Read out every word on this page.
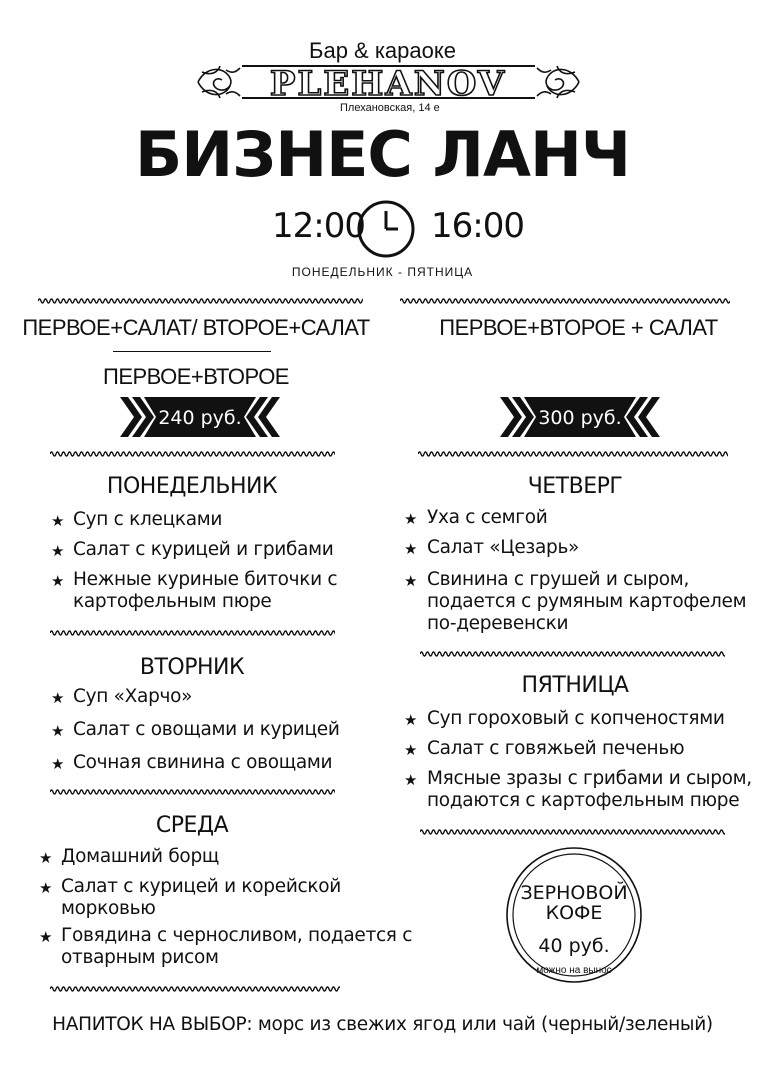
Бар & караоке
PLEHANOV
Плехановская, 14 е
БИЗНЕС ЛАНЧ
12:00 16:00
ПОНЕДЕЛЬНИК - ПЯТНИЦА
ПЕРВОЕ+САЛАТ/ ВТОРОЕ+САЛАТ
ПЕРВОЕ+ВТОРОЕ
ПЕРВОЕ+ВТОРОЕ + САЛАТ
240 руб.	300 руб.
ПОНЕДЕЛЬНИК
★ Суп с клецками
★ Салат с курицей и грибами
★ Нежные куриные биточки с
картофельным пюре
ВТОРНИК
★ Суп «Харчо»
★ Салат с овощами и курицей
★ Сочная свинина с овощами
СРЕДА
★ Домашний борщ
★ Салат с курицей и корейской
морковью
★ Говядина с черносливом, подается с
отварным рисом
ЧЕТВЕРГ
★ Уха с семгой
★ Салат «Цезарь»
★ Свинина с грушей и сыром,
подается с румяным картофелем
по-деревенски
ПЯТНИЦА
★ Суп гороховый с копченостями
★ Салат с говяжьей печенью
★ Мясные зразы с грибами и сыром,
подаются с картофельным пюре
ЗЕРНОВОЙ
КОФЕ
40 руб.
можно на вынос
НАПИТОК НА ВЫБОР: морс из свежих ягод или чай (черный/зеленый)
